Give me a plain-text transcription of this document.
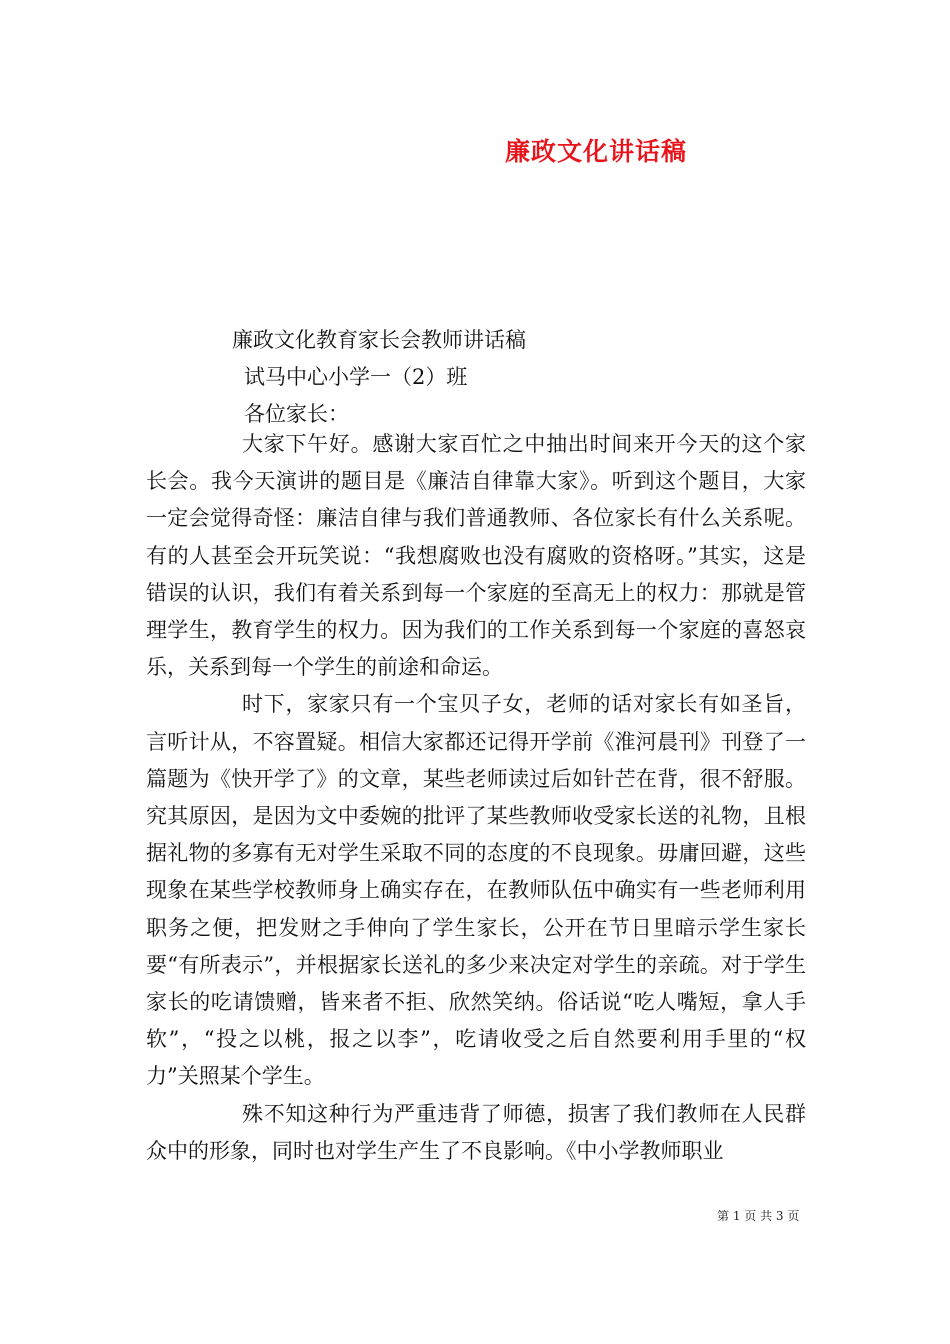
廉政文化讲话稿
廉政文化教育家长会教师讲话稿
试马中心小学一（2）班
各位家长：

大家下午好。感谢大家百忙之中抽出时间来开今天的这个家长会。我今天演讲的题目是《廉洁自律靠大家》。听到这个题目，大家一定会觉得奇怪：廉洁自律与我们普通教师、各位家长有什么关系呢。有的人甚至会开玩笑说：“我想腐败也没有腐败的资格呀。”其实，这是错误的认识，我们有着关系到每一个家庭的至高无上的权力：那就是管理学生，教育学生的权力。因为我们的工作关系到每一个家庭的喜怒哀乐，关系到每一个学生的前途和命运。

时下，家家只有一个宝贝子女，老师的话对家长有如圣旨，言听计从，不容置疑。相信大家都还记得开学前《淮河晨刊》刊登了一篇题为《快开学了》的文章，某些老师读过后如针芒在背，很不舒服。究其原因，是因为文中委婉的批评了某些教师收受家长送的礼物，且根据礼物的多寡有无对学生采取不同的态度的不良现象。毋庸回避，这些现象在某些学校教师身上确实存在，在教师队伍中确实有一些老师利用职务之便，把发财之手伸向了学生家长，公开在节日里暗示学生家长要“有所表示”，并根据家长送礼的多少来决定对学生的亲疏。对于学生家长的吃请馈赠，皆来者不拒、欣然笑纳。俗话说“吃人嘴短，拿人手软”，“投之以桃，报之以李”，吃请收受之后自然要利用手里的“权力”关照某个学生。

殊不知这种行为严重违背了师德，损害了我们教师在人民群众中的形象，同时也对学生产生了不良影响。《中小学教师职业

第 1 页 共 3 页
